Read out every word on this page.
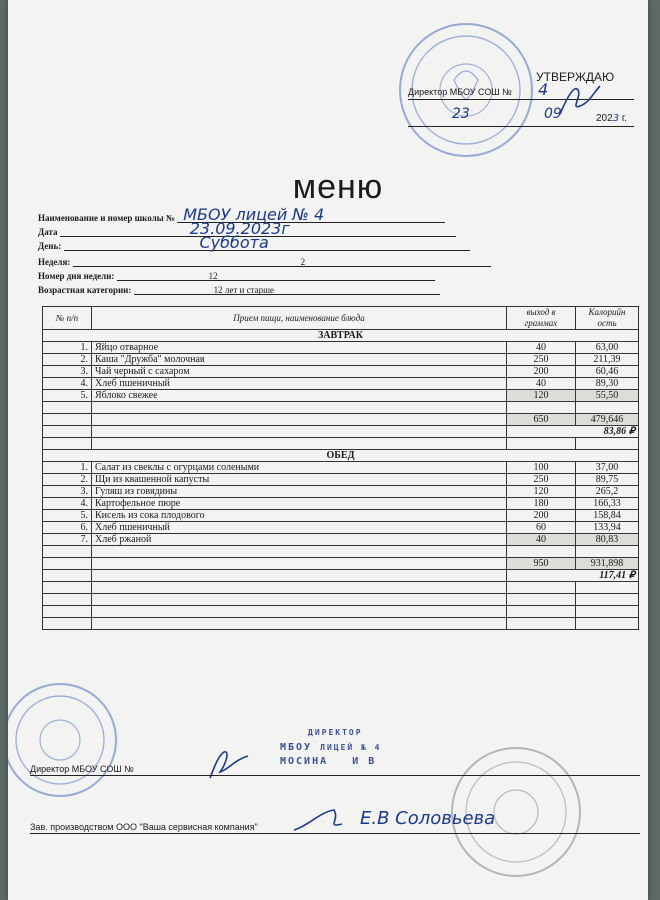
УТВЕРЖДАЮ
Директор МБОУ СОШ №	4
23	09	2023 г.
меню
Наименование и номер школы № МБОУ лицей № 4
Дата	23.09.2023г
День:	Суббота
Неделя:	2
Номер дня недели:	12
Возрастная категории:	12 лет и старше
№ п/п	Прием пищи, наименование блюда	выход в граммах	Калорийн ость
ЗАВТРАК			
1.	Яйцо отварное	40	63,00
2.	Каша "Дружба" молочная	250	211,39
3.	Чай черный с сахаром	200	60,46
4.	Хлеб пшеничный	40	89,30
5.	Яблоко свежее	120	55,50

		650	479,646
		83,86 ₽	

ОБЕД			
1.	Салат из свеклы с огурцами солеными	100	37,00
2.	Щи из квашенной капусты	250	89,75
3.	Гуляш из говядины	120	265,2
4.	Картофельное пюре	180	166,33
5.	Кисель из сока плодового	200	158,84
6.	Хлеб пшеничный	60	133,94
7.	Хлеб ржаной	40	80,83

		950	931,898
		117,41 ₽	

ДИРЕКТОР
МБОУ ЛИЦЕЙ № 4
МОСИНА И В
Директор МБОУ СОШ №
Е.В Соловьева
Зав. производством ООО "Ваша сервисная компания"
